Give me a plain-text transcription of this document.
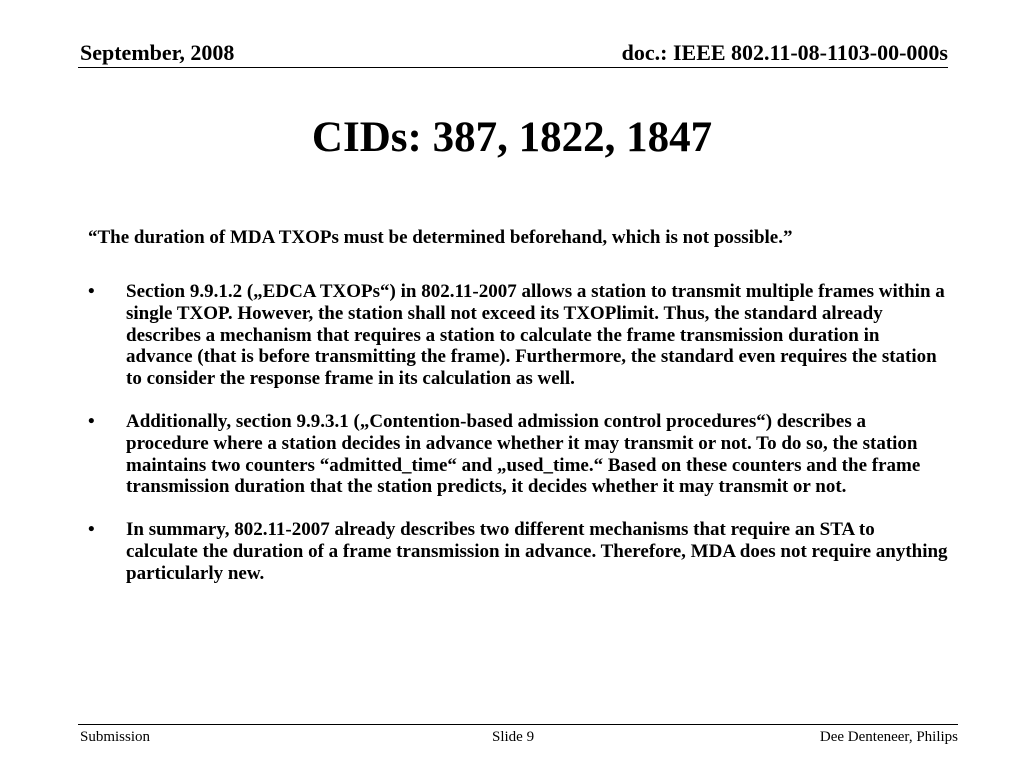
September, 2008	doc.: IEEE 802.11-08-1103-00-000s
CIDs: 387, 1822, 1847
“The duration of MDA TXOPs must be determined beforehand, which is not possible.”
• Section 9.9.1.2 („EDCA TXOPs“) in 802.11-2007 allows a station to transmit multiple frames within a single TXOP. However, the station shall not exceed its TXOPlimit. Thus, the standard already describes a mechanism that requires a station to calculate the frame transmission duration in advance (that is before transmitting the frame). Furthermore, the standard even requires the station to consider the response frame in its calculation as well.
• Additionally, section 9.9.3.1 („Contention-based admission control procedures“) describes a procedure where a station decides in advance whether it may transmit or not. To do so, the station maintains two counters “admitted_time“ and „used_time.“ Based on these counters and the frame transmission duration that the station predicts, it decides whether it may transmit or not.
• In summary, 802.11-2007 already describes two different mechanisms that require an STA to calculate the duration of a frame transmission in advance. Therefore, MDA does not require anything particularly new.
Submission	Slide 9	Dee Denteneer, Philips
